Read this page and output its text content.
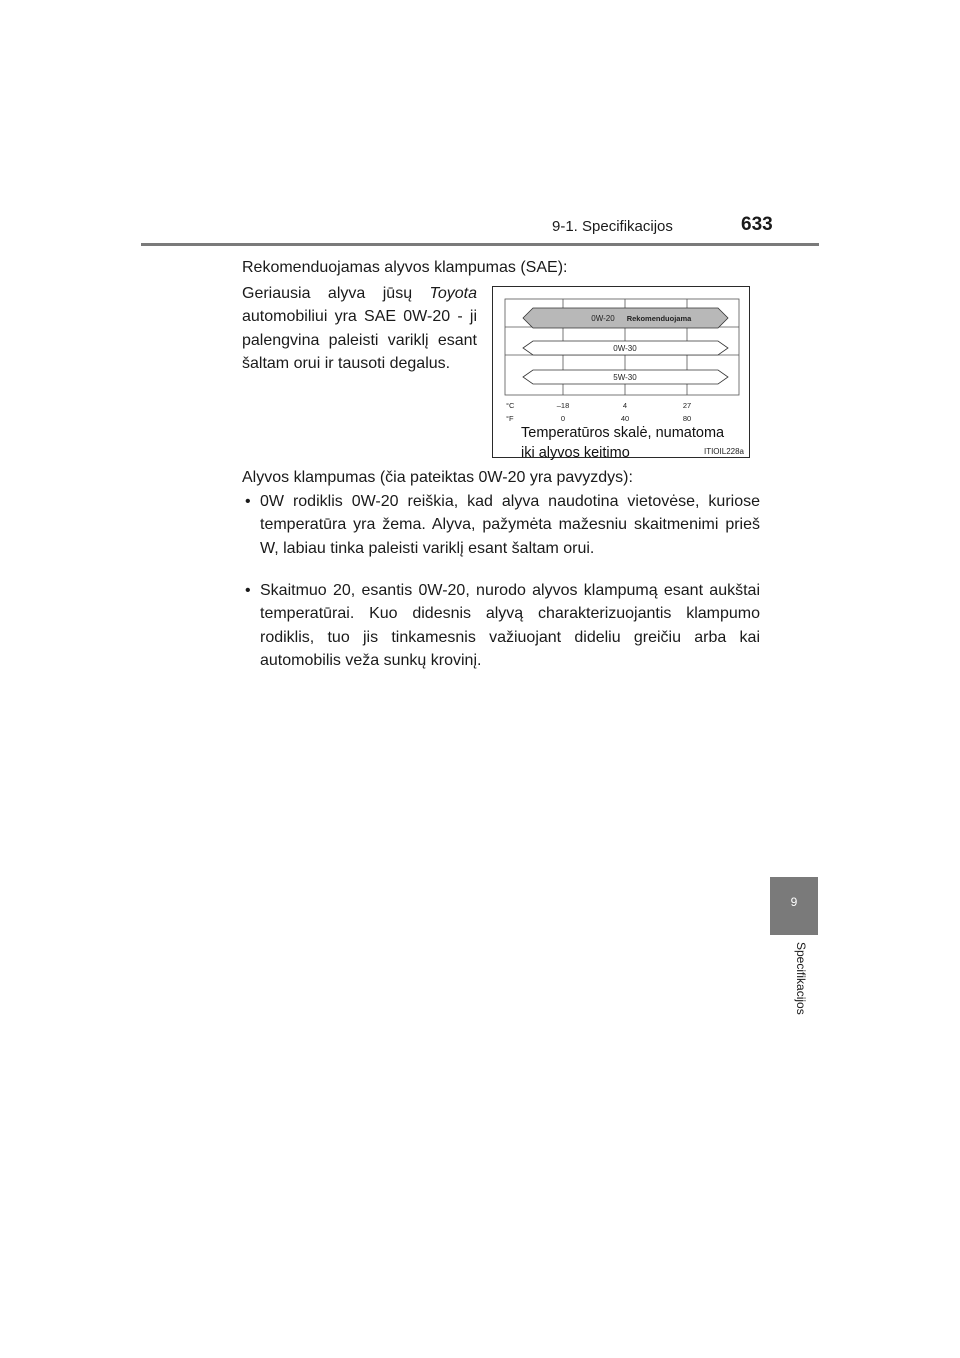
9-1. Specifikacijos	633
9
Specifikacijos
Rekomenduojamas alyvos klampumas (SAE):
Geriausia alyva jūsų Toyota automobiliui yra SAE 0W-20 - ji palengvina paleisti variklį esant šaltam orui ir tausoti degalus.
0W-20 Rekomenduojama
0W-30
5W-30
°C
°F
–18	4	27
0	40	80
Temperatūros skalė, numatoma
iki alyvos keitimo	ITIOIL228a
Alyvos klampumas (čia pateiktas 0W-20 yra pavyzdys):
• 0W rodiklis 0W-20 reiškia, kad alyva naudotina vietovėse, kuriose temperatūra yra žema. Alyva, pažymėta mažesniu skaitmenimi prieš W, labiau tinka paleisti variklį esant šaltam orui.
• Skaitmuo 20, esantis 0W-20, nurodo alyvos klampumą esant aukštai temperatūrai. Kuo didesnis alyvą charakterizuojantis klampumo rodiklis, tuo jis tinkamesnis važiuojant dideliu greičiu arba kai automobilis veža sunkų krovinį.
